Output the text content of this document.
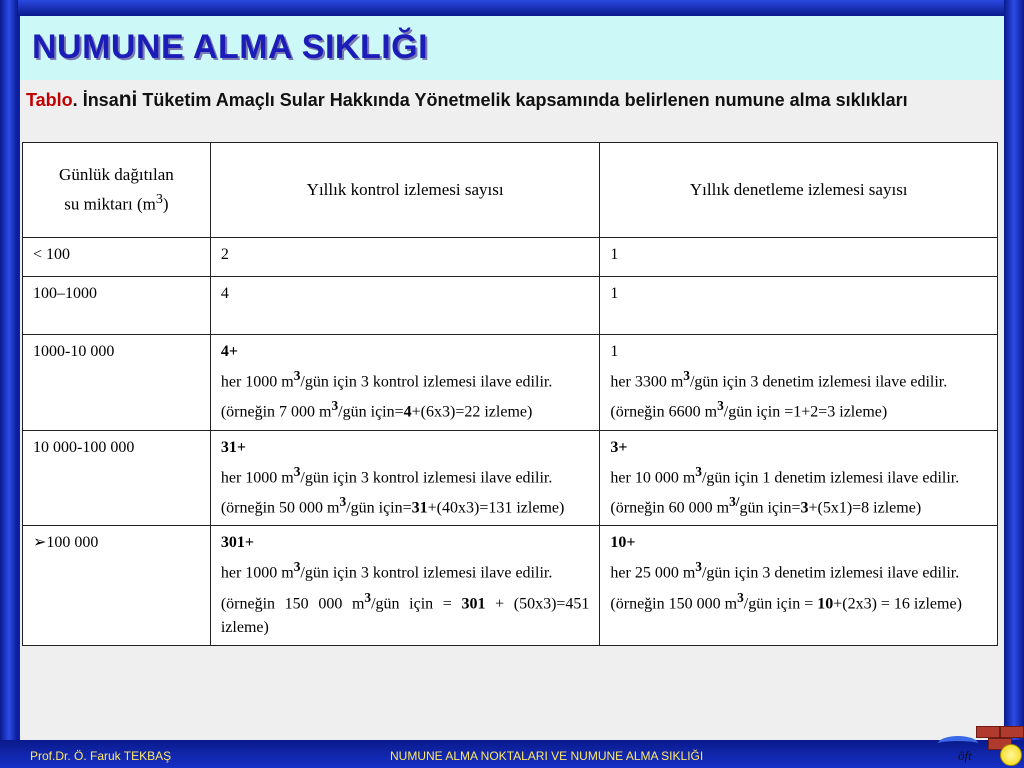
NUMUNE ALMA SIKLIĞI
Tablo. İnsani Tüketim Amaçlı Sular Hakkında Yönetmelik kapsamında belirlenen numune alma sıklıkları
Günlük dağıtılan
su miktarı $(m^3)$	Yıllık kontrol izlemesi sayısı	Yıllık denetleme izlemesi sayısı
< 100	2	1
100–1000	4	1
1000-10 000	4+
her 1000 $m^3$/gün için 3 kontrol izlemesi ilave edilir.
(örneğin 7 000 $m^3$/gün için=4+(6x3)=22 izleme)	1
her 3300 $m^3$/gün için 3 denetim izlemesi ilave edilir.
(örneğin 6600 $m^3$/gün için =1+2=3 izleme)
10 000-100 000	31+
her 1000 $m^3$/gün için 3 kontrol izlemesi ilave edilir.
(örneğin 50 000 $m^3$/gün için=31+(40x3)=131 izleme)	3+
her 10 000 $m^3$/gün için 1 denetim izlemesi ilave edilir.
(örneğin 60 000 $m^{3/}gün$ için=3+(5x1)=8 izleme)
➢100 000	301+
her 1000 $m^3$/gün için 3 kontrol izlemesi ilave edilir.
(örneğin 150 000 $m^3$/gün için = 301 + (50x3)=451 izleme)	10+
her 25 000 $m^3$/gün için 3 denetim izlemesi ilave edilir.
(örneğin 150 000 $m^3$/gün için = 10+(2x3) = 16 izleme)
Prof.Dr. Ö. Faruk TEKBAŞ	NUMUNE ALMA NOKTALARI VE NUMUNE ALMA SIKLIĞI	öft
